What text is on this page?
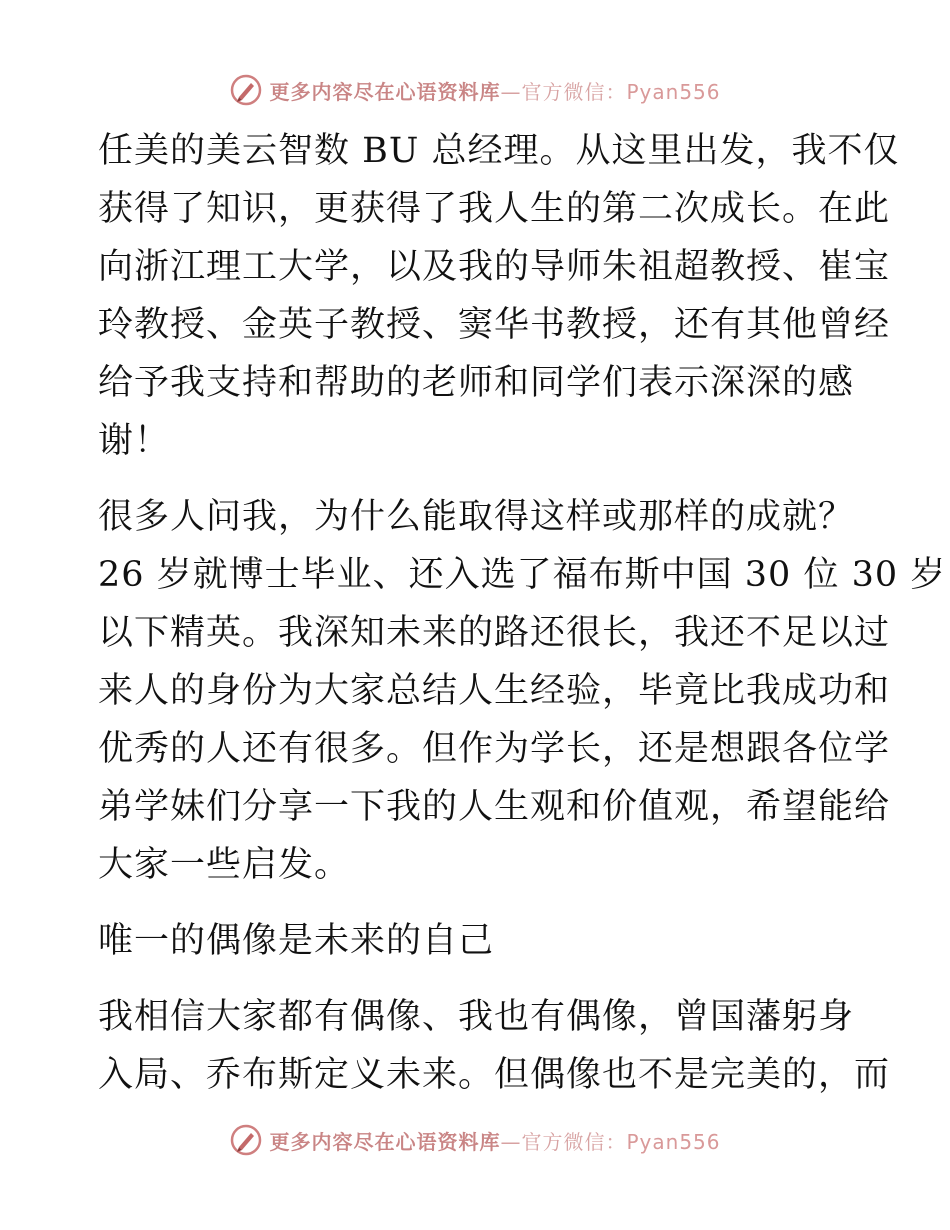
更多内容尽在心语资料库—官方微信：Pyan556

任美的美云智数 BU 总经理。从这里出发，我不仅
获得了知识，更获得了我人生的第二次成长。在此
向浙江理工大学，以及我的导师朱祖超教授、崔宝
玲教授、金英子教授、窦华书教授，还有其他曾经
给予我支持和帮助的老师和同学们表示深深的感
谢！

很多人问我，为什么能取得这样或那样的成就？
26 岁就博士毕业、还入选了福布斯中国 30 位 30 岁
以下精英。我深知未来的路还很长，我还不足以过
来人的身份为大家总结人生经验，毕竟比我成功和
优秀的人还有很多。但作为学长，还是想跟各位学
弟学妹们分享一下我的人生观和价值观，希望能给
大家一些启发。

唯一的偶像是未来的自己

我相信大家都有偶像、我也有偶像，曾国藩躬身
入局、乔布斯定义未来。但偶像也不是完美的，而

更多内容尽在心语资料库—官方微信：Pyan556
